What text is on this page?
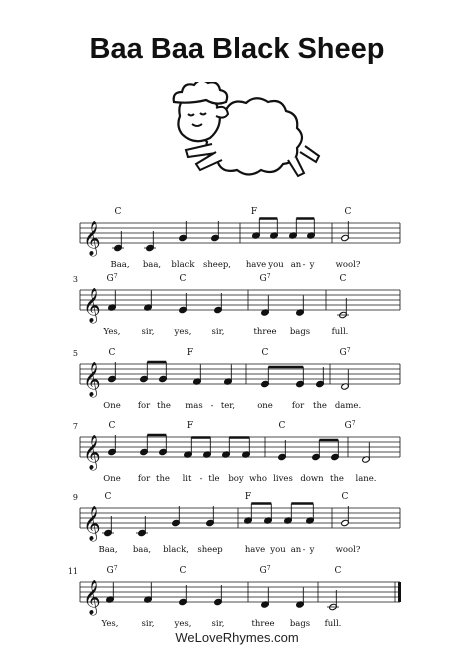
Baa Baa Black Sheep
𝄞
C	F	C
Baa, baa, black sheep, have you an - y wool?
𝄞
3	$G^7$	C	$G^7$	C
Yes, sir, yes, sir,	three bags	full.
𝄞
5	C	F	C	$G^7$
One for the mas - ter,	one for the dame.
𝄞
7	C	F	C	$G^7$
One for the lit - tle boy who lives down the lane.
𝄞
9	C	F	C
Baa, baa, black, sheep	have you an - y wool?
𝄞
11	$G^7$	C	$G^7$	C
Yes,	sir, yes, sir,	three bags full.
WeLoveRhymes.com
